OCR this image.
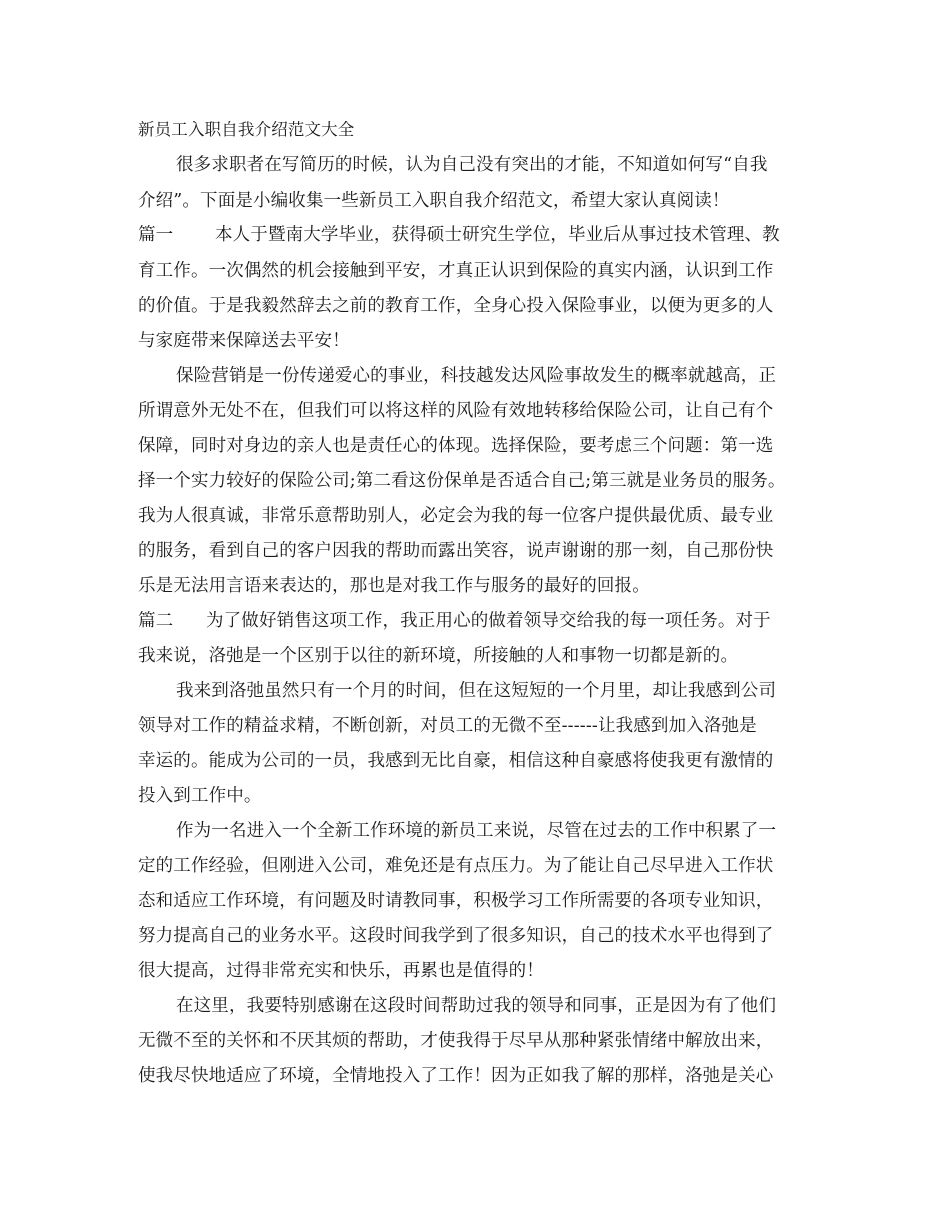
新员工入职自我介绍范文大全
很多求职者在写简历的时候，认为自己没有突出的才能，不知道如何写“自我
介绍”。下面是小编收集一些新员工入职自我介绍范文，希望大家认真阅读！
篇一 本人于暨南大学毕业，获得硕士研究生学位，毕业后从事过技术管理、教
育工作。一次偶然的机会接触到平安，才真正认识到保险的真实内涵，认识到工作
的价值。于是我毅然辞去之前的教育工作，全身心投入保险事业，以便为更多的人
与家庭带来保障送去平安！
保险营销是一份传递爱心的事业，科技越发达风险事故发生的概率就越高，正
所谓意外无处不在，但我们可以将这样的风险有效地转移给保险公司，让自己有个
保障，同时对身边的亲人也是责任心的体现。选择保险，要考虑三个问题：第一选
择一个实力较好的保险公司;第二看这份保单是否适合自己;第三就是业务员的服务。
我为人很真诚，非常乐意帮助别人，必定会为我的每一位客户提供最优质、最专业
的服务，看到自己的客户因我的帮助而露出笑容，说声谢谢的那一刻，自己那份快
乐是无法用言语来表达的，那也是对我工作与服务的最好的回报。
篇二 为了做好销售这项工作，我正用心的做着领导交给我的每一项任务。对于
我来说，洛弛是一个区别于以往的新环境，所接触的人和事物一切都是新的。
我来到洛弛虽然只有一个月的时间，但在这短短的一个月里，却让我感到公司
领导对工作的精益求精，不断创新，对员工的无微不至------让我感到加入洛弛是
幸运的。能成为公司的一员，我感到无比自豪，相信这种自豪感将使我更有激情的
投入到工作中。
作为一名进入一个全新工作环境的新员工来说，尽管在过去的工作中积累了一
定的工作经验，但刚进入公司，难免还是有点压力。为了能让自己尽早进入工作状
态和适应工作环境，有问题及时请教同事，积极学习工作所需要的各项专业知识，
努力提高自己的业务水平。这段时间我学到了很多知识，自己的技术水平也得到了
很大提高，过得非常充实和快乐，再累也是值得的！
在这里，我要特别感谢在这段时间帮助过我的领导和同事，正是因为有了他们
无微不至的关怀和不厌其烦的帮助，才使我得于尽早从那种紧张情绪中解放出来，
使我尽快地适应了环境，全情地投入了工作！因为正如我了解的那样，洛弛是关心
